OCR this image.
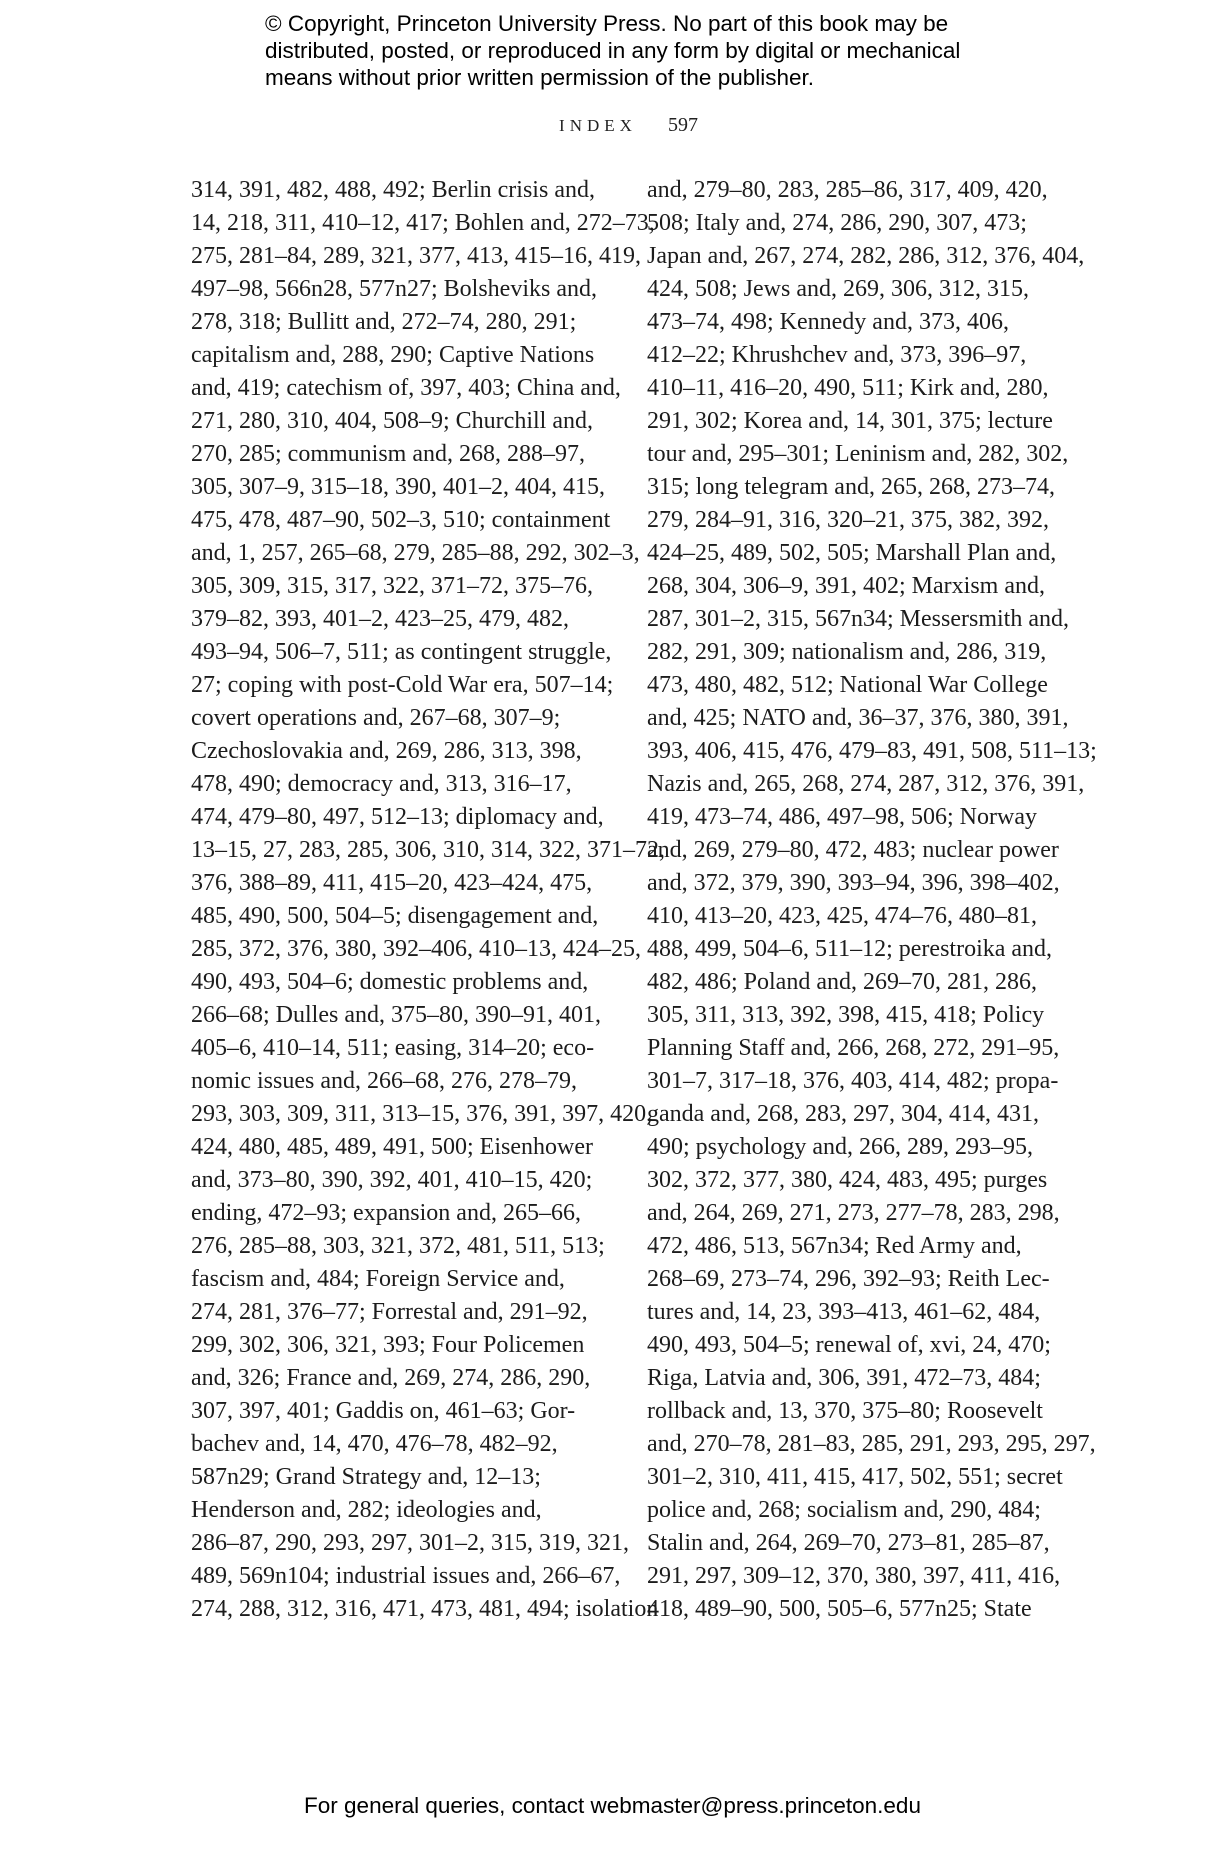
© Copyright, Princeton University Press. No part of this book may be
distributed, posted, or reproduced in any form by digital or mechanical
means without prior written permission of the publisher.
INDEX 597
314, 391, 482, 488, 492; Berlin crisis and,
14, 218, 311, 410–12, 417; Bohlen and, 272–73,
275, 281–84, 289, 321, 377, 413, 415–16, 419,
497–98, 566n28, 577n27; Bolsheviks and,
278, 318; Bullitt and, 272–74, 280, 291;
capitalism and, 288, 290; Captive Nations
and, 419; catechism of, 397, 403; China and,
271, 280, 310, 404, 508–9; Churchill and,
270, 285; communism and, 268, 288–97,
305, 307–9, 315–18, 390, 401–2, 404, 415,
475, 478, 487–90, 502–3, 510; containment
and, 1, 257, 265–68, 279, 285–88, 292, 302–3,
305, 309, 315, 317, 322, 371–72, 375–76,
379–82, 393, 401–2, 423–25, 479, 482,
493–94, 506–7, 511; as contingent struggle,
27; coping with post-Cold War era, 507–14;
covert operations and, 267–68, 307–9;
Czechoslovakia and, 269, 286, 313, 398,
478, 490; democracy and, 313, 316–17,
474, 479–80, 497, 512–13; diplomacy and,
13–15, 27, 283, 285, 306, 310, 314, 322, 371–72,
376, 388–89, 411, 415–20, 423–424, 475,
485, 490, 500, 504–5; disengagement and,
285, 372, 376, 380, 392–406, 410–13, 424–25,
490, 493, 504–6; domestic problems and,
266–68; Dulles and, 375–80, 390–91, 401,
405–6, 410–14, 511; easing, 314–20; eco-
nomic issues and, 266–68, 276, 278–79,
293, 303, 309, 311, 313–15, 376, 391, 397, 420,
424, 480, 485, 489, 491, 500; Eisenhower
and, 373–80, 390, 392, 401, 410–15, 420;
ending, 472–93; expansion and, 265–66,
276, 285–88, 303, 321, 372, 481, 511, 513;
fascism and, 484; Foreign Service and,
274, 281, 376–77; Forrestal and, 291–92,
299, 302, 306, 321, 393; Four Policemen
and, 326; France and, 269, 274, 286, 290,
307, 397, 401; Gaddis on, 461–63; Gor-
bachev and, 14, 470, 476–78, 482–92,
587n29; Grand Strategy and, 12–13;
Henderson and, 282; ideologies and,
286–87, 290, 293, 297, 301–2, 315, 319, 321,
489, 569n104; industrial issues and, 266–67,
274, 288, 312, 316, 471, 473, 481, 494; isolation
and, 279–80, 283, 285–86, 317, 409, 420,
508; Italy and, 274, 286, 290, 307, 473;
Japan and, 267, 274, 282, 286, 312, 376, 404,
424, 508; Jews and, 269, 306, 312, 315,
473–74, 498; Kennedy and, 373, 406,
412–22; Khrushchev and, 373, 396–97,
410–11, 416–20, 490, 511; Kirk and, 280,
291, 302; Korea and, 14, 301, 375; lecture
tour and, 295–301; Leninism and, 282, 302,
315; long telegram and, 265, 268, 273–74,
279, 284–91, 316, 320–21, 375, 382, 392,
424–25, 489, 502, 505; Marshall Plan and,
268, 304, 306–9, 391, 402; Marxism and,
287, 301–2, 315, 567n34; Messersmith and,
282, 291, 309; nationalism and, 286, 319,
473, 480, 482, 512; National War College
and, 425; NATO and, 36–37, 376, 380, 391,
393, 406, 415, 476, 479–83, 491, 508, 511–13;
Nazis and, 265, 268, 274, 287, 312, 376, 391,
419, 473–74, 486, 497–98, 506; Norway
and, 269, 279–80, 472, 483; nuclear power
and, 372, 379, 390, 393–94, 396, 398–402,
410, 413–20, 423, 425, 474–76, 480–81,
488, 499, 504–6, 511–12; perestroika and,
482, 486; Poland and, 269–70, 281, 286,
305, 311, 313, 392, 398, 415, 418; Policy
Planning Staff and, 266, 268, 272, 291–95,
301–7, 317–18, 376, 403, 414, 482; propa-
ganda and, 268, 283, 297, 304, 414, 431,
490; psychology and, 266, 289, 293–95,
302, 372, 377, 380, 424, 483, 495; purges
and, 264, 269, 271, 273, 277–78, 283, 298,
472, 486, 513, 567n34; Red Army and,
268–69, 273–74, 296, 392–93; Reith Lec-
tures and, 14, 23, 393–413, 461–62, 484,
490, 493, 504–5; renewal of, xvi, 24, 470;
Riga, Latvia and, 306, 391, 472–73, 484;
rollback and, 13, 370, 375–80; Roosevelt
and, 270–78, 281–83, 285, 291, 293, 295, 297,
301–2, 310, 411, 415, 417, 502, 551; secret
police and, 268; socialism and, 290, 484;
Stalin and, 264, 269–70, 273–81, 285–87,
291, 297, 309–12, 370, 380, 397, 411, 416,
418, 489–90, 500, 505–6, 577n25; State
For general queries, contact webmaster@press.princeton.edu
